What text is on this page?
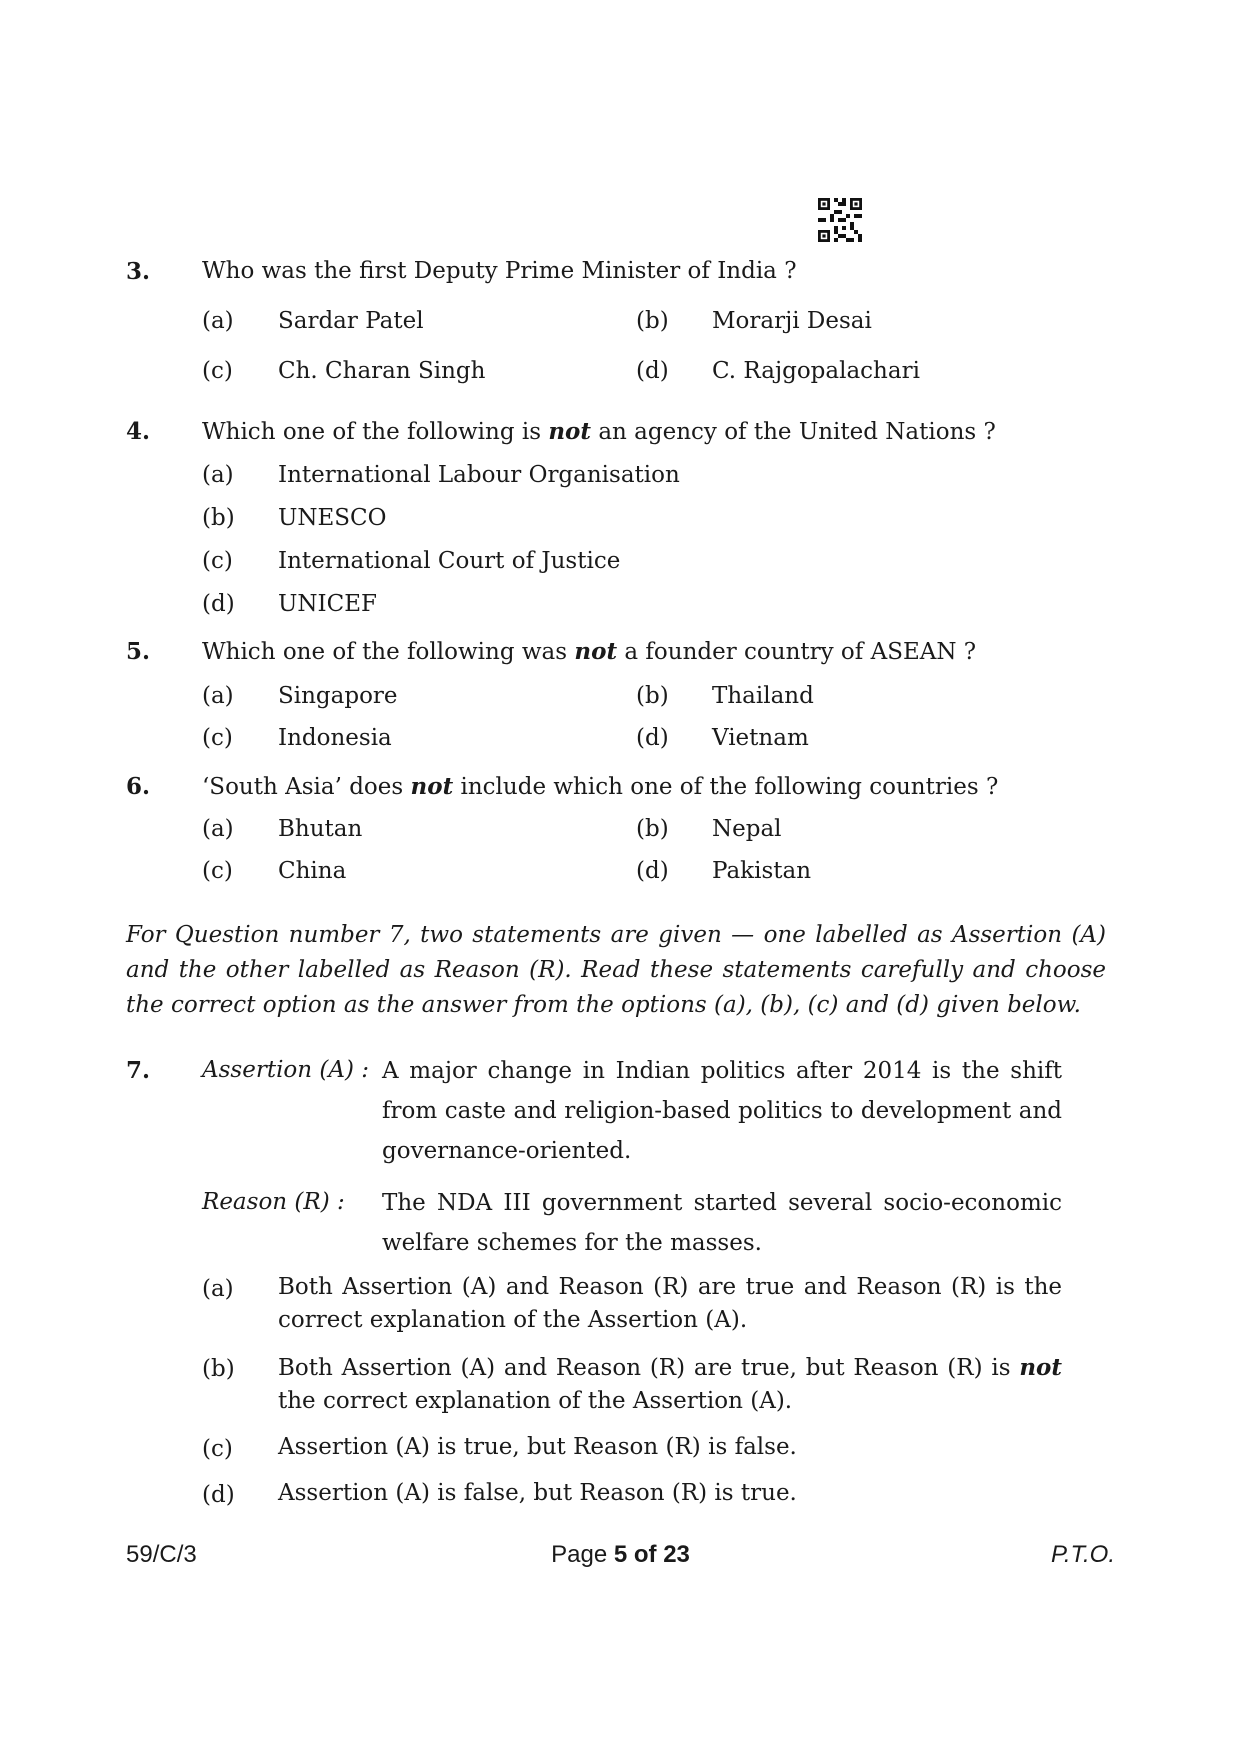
3. Who was the first Deputy Prime Minister of India ?
(a) Sardar Patel	(b) Morarji Desai
(c) Ch. Charan Singh	(d) C. Rajgopalachari
4. Which one of the following is not an agency of the United Nations ?
(a) International Labour Organisation
(b) UNESCO
(c) International Court of Justice
(d) UNICEF
5. Which one of the following was not a founder country of ASEAN ?
(a) Singapore	(b) Thailand
(c) Indonesia	(d) Vietnam
6. ‘South Asia’ does not include which one of the following countries ?
(a) Bhutan	(b) Nepal
(c) China	(d) Pakistan
For Question number 7, two statements are given — one labelled as Assertion (A) and the other labelled as Reason (R). Read these statements carefully and choose the correct option as the answer from the options (a), (b), (c) and (d) given below.
7. Assertion (A) : A major change in Indian politics after 2014 is the shift from caste and religion-based politics to development and governance-oriented.
Reason (R) : The NDA III government started several socio-economic welfare schemes for the masses.
(a) Both Assertion (A) and Reason (R) are true and Reason (R) is the correct explanation of the Assertion (A).
(b) Both Assertion (A) and Reason (R) are true, but Reason (R) is not the correct explanation of the Assertion (A).
(c) Assertion (A) is true, but Reason (R) is false.
(d) Assertion (A) is false, but Reason (R) is true.
59/C/3	Page 5 of 23	P.T.O.
